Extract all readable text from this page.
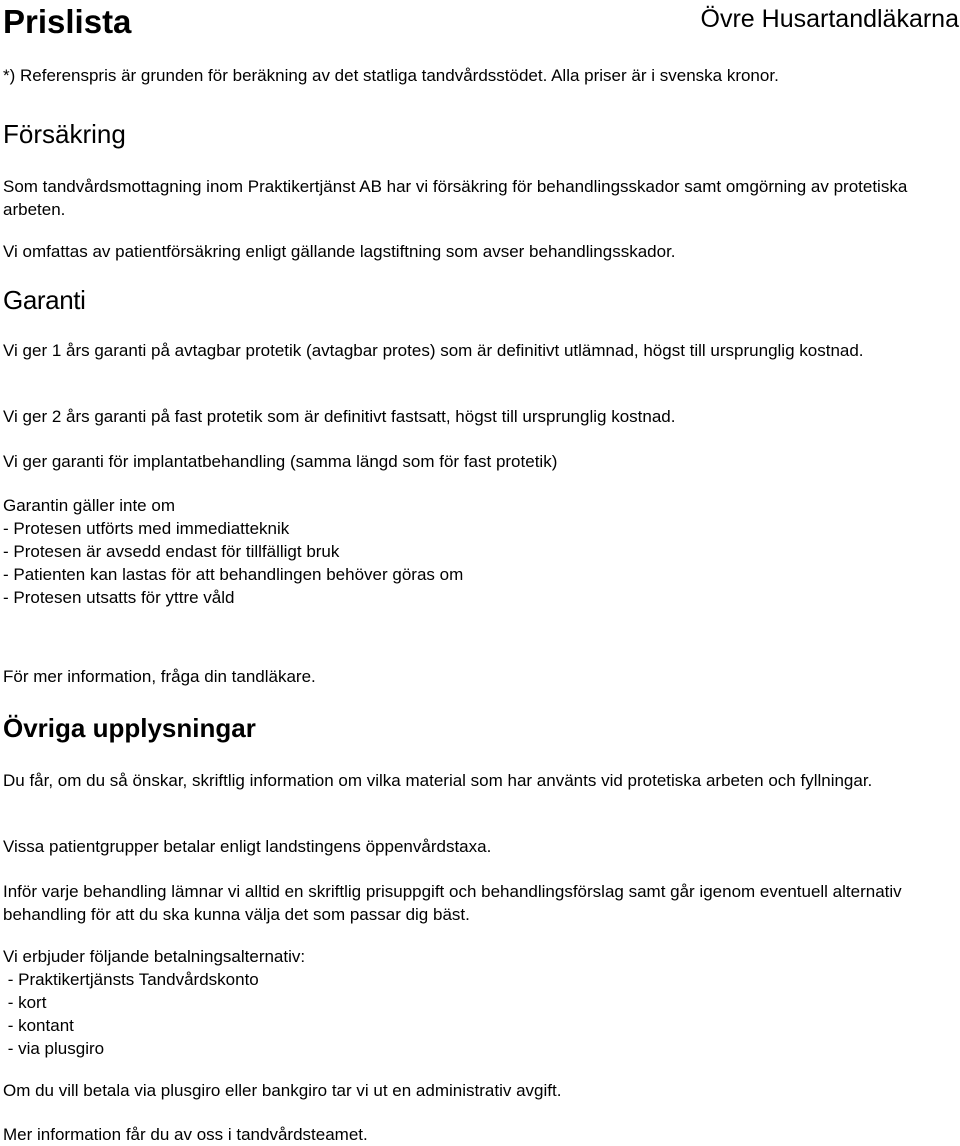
Prislista	Övre Husartandläkarna

*) Referenspris är grunden för beräkning av det statliga tandvårdsstödet. Alla priser är i svenska kronor.

Försäkring

Som tandvårdsmottagning inom Praktikertjänst AB har vi försäkring för behandlingsskador samt omgörning av protetiska arbeten.

Vi omfattas av patientförsäkring enligt gällande lagstiftning som avser behandlingsskador.

Garanti

Vi ger 1 års garanti på avtagbar protetik (avtagbar protes) som är definitivt utlämnad, högst till ursprunglig kostnad.

Vi ger 2 års garanti på fast protetik som är definitivt fastsatt, högst till ursprunglig kostnad.

Vi ger garanti för implantatbehandling (samma längd som för fast protetik)

Garantin gäller inte om
- Protesen utförts med immediatteknik
- Protesen är avsedd endast för tillfälligt bruk
- Patienten kan lastas för att behandlingen behöver göras om
- Protesen utsatts för yttre våld

För mer information, fråga din tandläkare.

Övriga upplysningar

Du får, om du så önskar, skriftlig information om vilka material som har använts vid protetiska arbeten och fyllningar.

Vissa patientgrupper betalar enligt landstingens öppenvårdstaxa.

Inför varje behandling lämnar vi alltid en skriftlig prisuppgift och behandlingsförslag samt går igenom eventuell alternativ behandling för att du ska kunna välja det som passar dig bäst.

Vi erbjuder följande betalningsalternativ:
- Praktikertjänsts Tandvårdskonto
- kort
- kontant
- via plusgiro

Om du vill betala via plusgiro eller bankgiro tar vi ut en administrativ avgift.

Mer information får du av oss i tandvårdsteamet.
